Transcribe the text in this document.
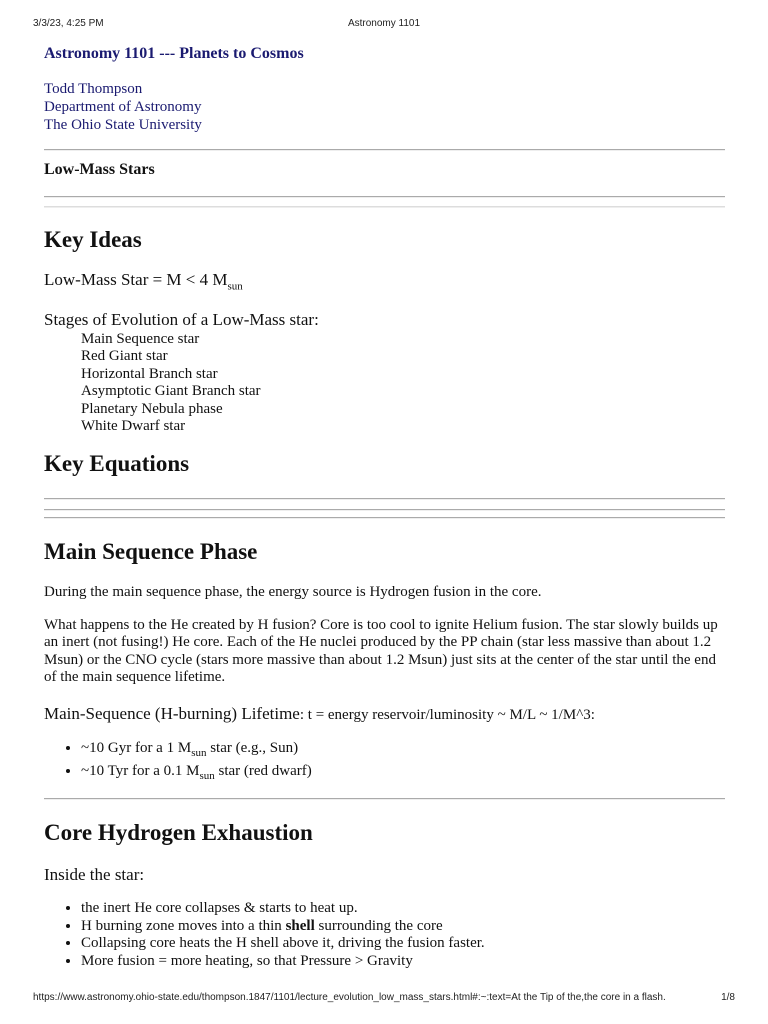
3/3/23, 4:25 PM	Astronomy 1101
Astronomy 1101 --- Planets to Cosmos
Todd Thompson
Department of Astronomy
The Ohio State University
Low-Mass Stars
Key Ideas
Low-Mass Star = M < 4 $M_{sun}$
Stages of Evolution of a Low-Mass star:
Main Sequence star
Red Giant star
Horizontal Branch star
Asymptotic Giant Branch star
Planetary Nebula phase
White Dwarf star
Key Equations
Main Sequence Phase

During the main sequence phase, the energy source is Hydrogen fusion in the core.

What happens to the He created by H fusion? Core is too cool to ignite Helium fusion. The star slowly builds up an inert (not fusing!) He core. Each of the He nuclei produced by the PP chain (star less massive than about 1.2 Msun) or the CNO cycle (stars more massive than about 1.2 Msun) just sits at the center of the star until the end of the main sequence lifetime.

Main-Sequence (H-burning) Lifetime: t = energy reservoir/luminosity ~ M/L ~ 1/M^3:
• ~10 Gyr for a 1 $M_{sun}$ star (e.g., Sun)
• ~10 Tyr for a 0.1 $M_{sun}$ star (red dwarf)
Core Hydrogen Exhaustion
Inside the star:
• the inert He core collapses & starts to heat up.
• H burning zone moves into a thin shell surrounding the core
• Collapsing core heats the H shell above it, driving the fusion faster.
• More fusion = more heating, so that Pressure > Gravity
https://www.astronomy.ohio-state.edu/thompson.1847/1101/lecture_evolution_low_mass_stars.html#:~:text=At the Tip of the,the core in a flash.	1/8
